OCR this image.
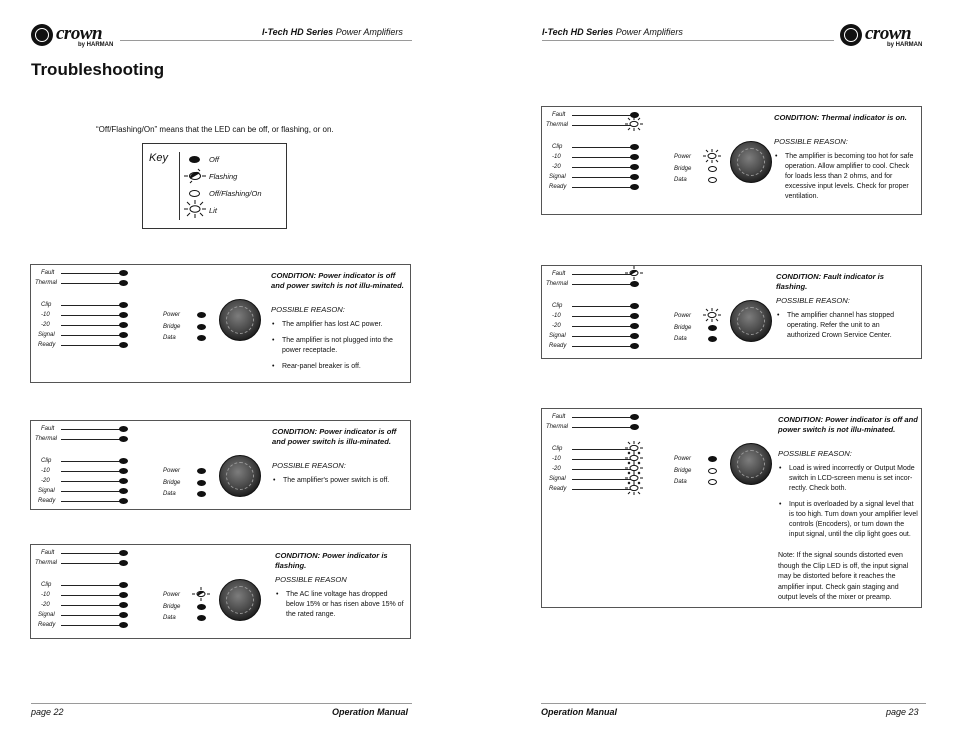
crown
by HARMAN
I-Tech HD Series Power Amplifiers	I-Tech HD Series Power Amplifiers	crown
by HARMAN
Troubleshooting
“Off/Flashing/On” means that the LED can be off, or flashing, or on.
Key	Off
Flashing
Off/Flashing/On
Lit
Fault
Thermal
Clip
-10
-20
Signal
Ready
Power
Bridge
Data
CONDITION: Power indicator is off and power switch is not illu-minated.
POSSIBLE REASON:
• The amplifier has lost AC power.
• The amplifier is not plugged into the power receptacle.
• Rear-panel breaker is off.
Fault
Thermal
Clip
-10
-20
Signal
Ready
Power
Bridge
Data
CONDITION: Power indicator is off and power switch is illu-minated.
POSSIBLE REASON:
• The amplifier's power switch is off.
Fault
Thermal
Clip
-10
-20
Signal
Ready
Power
Bridge
Data
CONDITION: Power indicator is flashing.
POSSIBLE REASON
• The AC line voltage has dropped below 15% or has risen above 15% of the rated range.
Fault
Thermal
Clip
-10
-20
Signal
Ready
Power
Bridge
Data
CONDITION: Thermal indicator is on.
POSSIBLE REASON:
• The amplifier is becoming too hot for safe operation. Allow amplifier to cool. Check for loads less than 2 ohms, and for excessive input levels. Check for proper ventilation.
Fault
Thermal
Clip
-10
-20
Signal
Ready
Power
Bridge
Data
CONDITION: Fault indicator is flashing.
POSSIBLE REASON:
• The amplifier channel has stopped operating. Refer the unit to an authorized Crown Service Center.
Fault
Thermal
Clip
-10
-20
Signal
Ready
Power
Bridge
Data
CONDITION: Power indicator is off and power switch is not illu-minated.
POSSIBLE REASON:
• Load is wired incorrectly or Output Mode switch in LCD-screen menu is set incor-rectly. Check both.
• Input is overloaded by a signal level that is too high. Turn down your amplifier level controls (Encoders), or turn down the input signal, until the clip light goes out.
Note: If the signal sounds distorted even though the Clip LED is off, the input signal may be distorted before it reaches the amplifier input. Check gain staging and output levels of the mixer or preamp.
page 22	Operation Manual	Operation Manual	page 23
